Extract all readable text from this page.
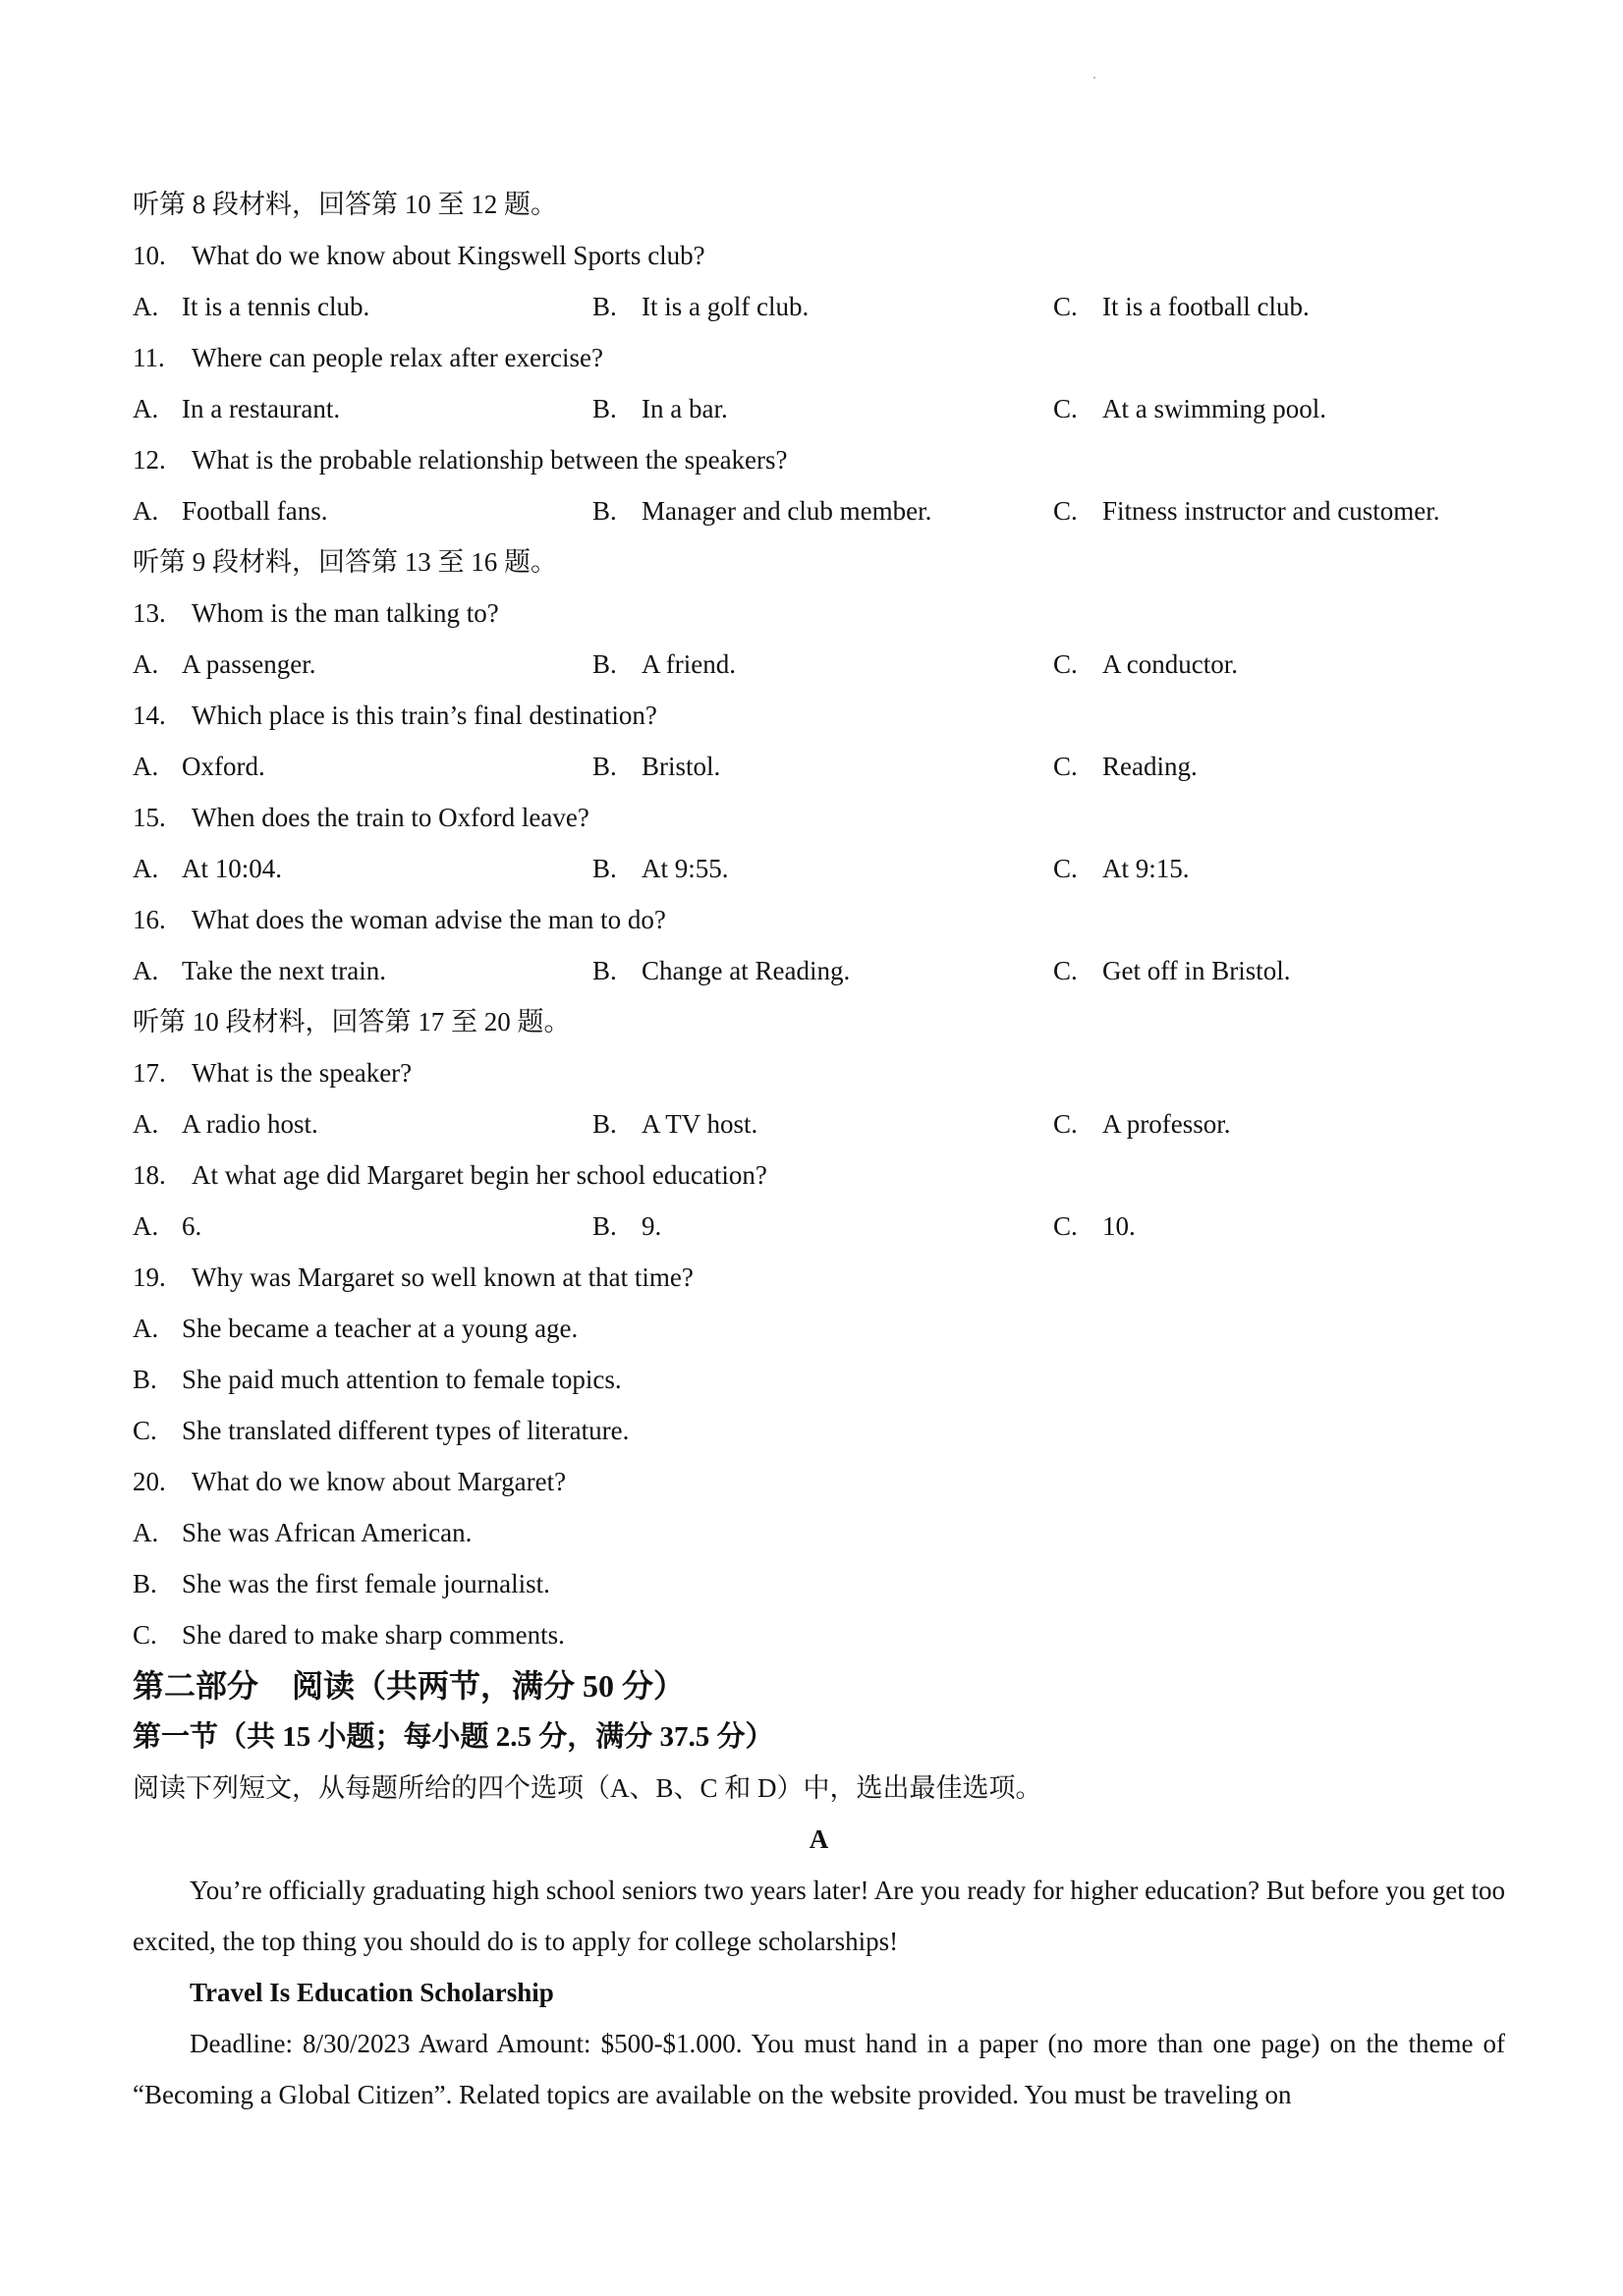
听第 8 段材料，回答第 10 至 12 题。
10. What do we know about Kingswell Sports club?
A. It is a tennis club.	B. It is a golf club.	C. It is a football club.
11. Where can people relax after exercise?
A. In a restaurant.	B. In a bar.	C. At a swimming pool.
12. What is the probable relationship between the speakers?
A. Football fans.	B. Manager and club member.	C. Fitness instructor and customer.
听第 9 段材料，回答第 13 至 16 题。
13. Whom is the man talking to?
A. A passenger.	B. A friend.	C. A conductor.
14. Which place is this train’s final destination?
A. Oxford.	B. Bristol.	C. Reading.
15. When does the train to Oxford leave?
A. At 10:04.	B. At 9:55.	C. At 9:15.
16. What does the woman advise the man to do?
A. Take the next train.	B. Change at Reading.	C. Get off in Bristol.
听第 10 段材料，回答第 17 至 20 题。
17. What is the speaker?
A. A radio host.	B. A TV host.	C. A professor.
18. At what age did Margaret begin her school education?
A. 6.	B. 9.	C. 10.
19. Why was Margaret so well known at that time?
A. She became a teacher at a young age.
B. She paid much attention to female topics.
C. She translated different types of literature.
20. What do we know about Margaret?
A. She was African American.
B. She was the first female journalist.
C. She dared to make sharp comments.
第二部分 阅读（共两节，满分 50 分）
第一节（共 15 小题；每小题 2.5 分，满分 37.5 分）
阅读下列短文，从每题所给的四个选项（A、B、C 和 D）中，选出最佳选项。
A
You’re officially graduating high school seniors two years later! Are you ready for higher education? But before you get too excited, the top thing you should do is to apply for college scholarships!
Travel Is Education Scholarship
Deadline: 8/30/2023 Award Amount: $500-$1.000. You must hand in a paper (no more than one page) on the theme of “Becoming a Global Citizen”. Related topics are available on the website provided. You must be traveling on
